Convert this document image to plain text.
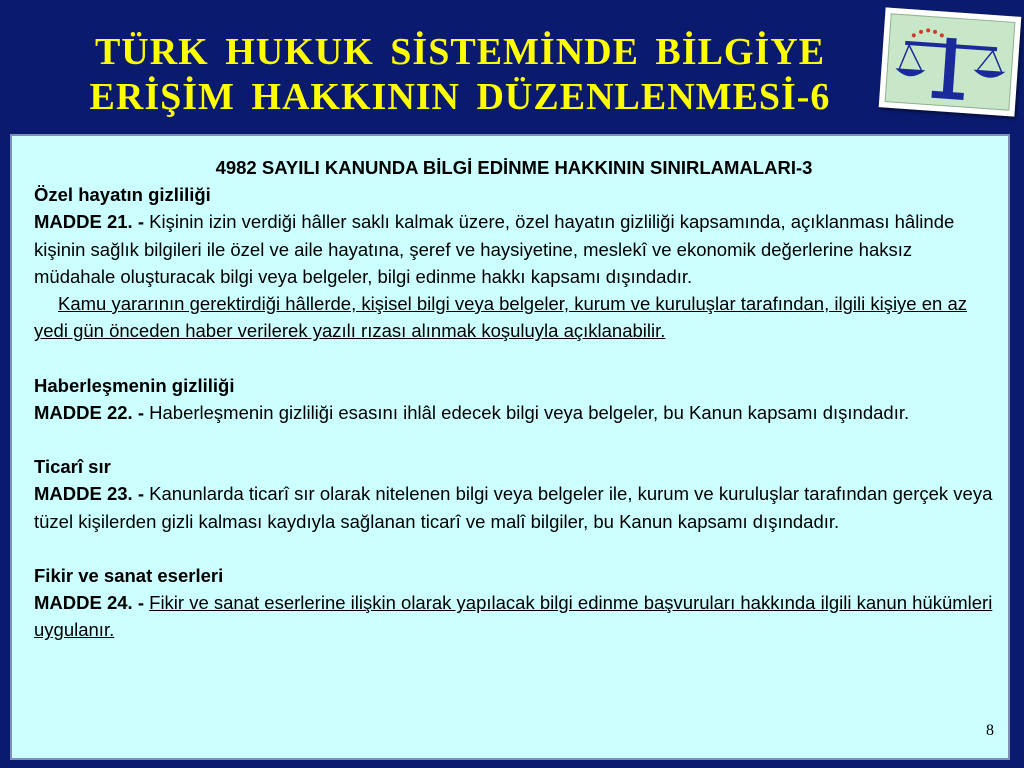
TÜRK HUKUK SİSTEMİNDE BİLGİYE
ERİŞİM HAKKININ DÜZENLENMESİ-6

4982 SAYILI KANUNDA BİLGİ EDİNME HAKKININ SINIRLAMALARI-3

Özel hayatın gizliliği

MADDE 21. - Kişinin izin verdiği hâller saklı kalmak üzere, özel hayatın gizliliği kapsamında, açıklanması hâlinde kişinin sağlık bilgileri ile özel ve aile hayatına, şeref ve haysiyetine, meslekî ve ekonomik değerlerine haksız müdahale oluşturacak bilgi veya belgeler, bilgi edinme hakkı kapsamı dışındadır.

Kamu yararının gerektirdiği hâllerde, kişisel bilgi veya belgeler, kurum ve kuruluşlar tarafından, ilgili kişiye en az yedi gün önceden haber verilerek yazılı rızası alınmak koşuluyla açıklanabilir.

Haberleşmenin gizliliği

MADDE 22. - Haberleşmenin gizliliği esasını ihlâl edecek bilgi veya belgeler, bu Kanun kapsamı dışındadır.

Ticarî sır

MADDE 23. - Kanunlarda ticarî sır olarak nitelenen bilgi veya belgeler ile, kurum ve kuruluşlar tarafından gerçek veya tüzel kişilerden gizli kalması kaydıyla sağlanan ticarî ve malî bilgiler, bu Kanun kapsamı dışındadır.

Fikir ve sanat eserleri

MADDE 24. - Fikir ve sanat eserlerine ilişkin olarak yapılacak bilgi edinme başvuruları hakkında ilgili kanun hükümleri uygulanır.

8
